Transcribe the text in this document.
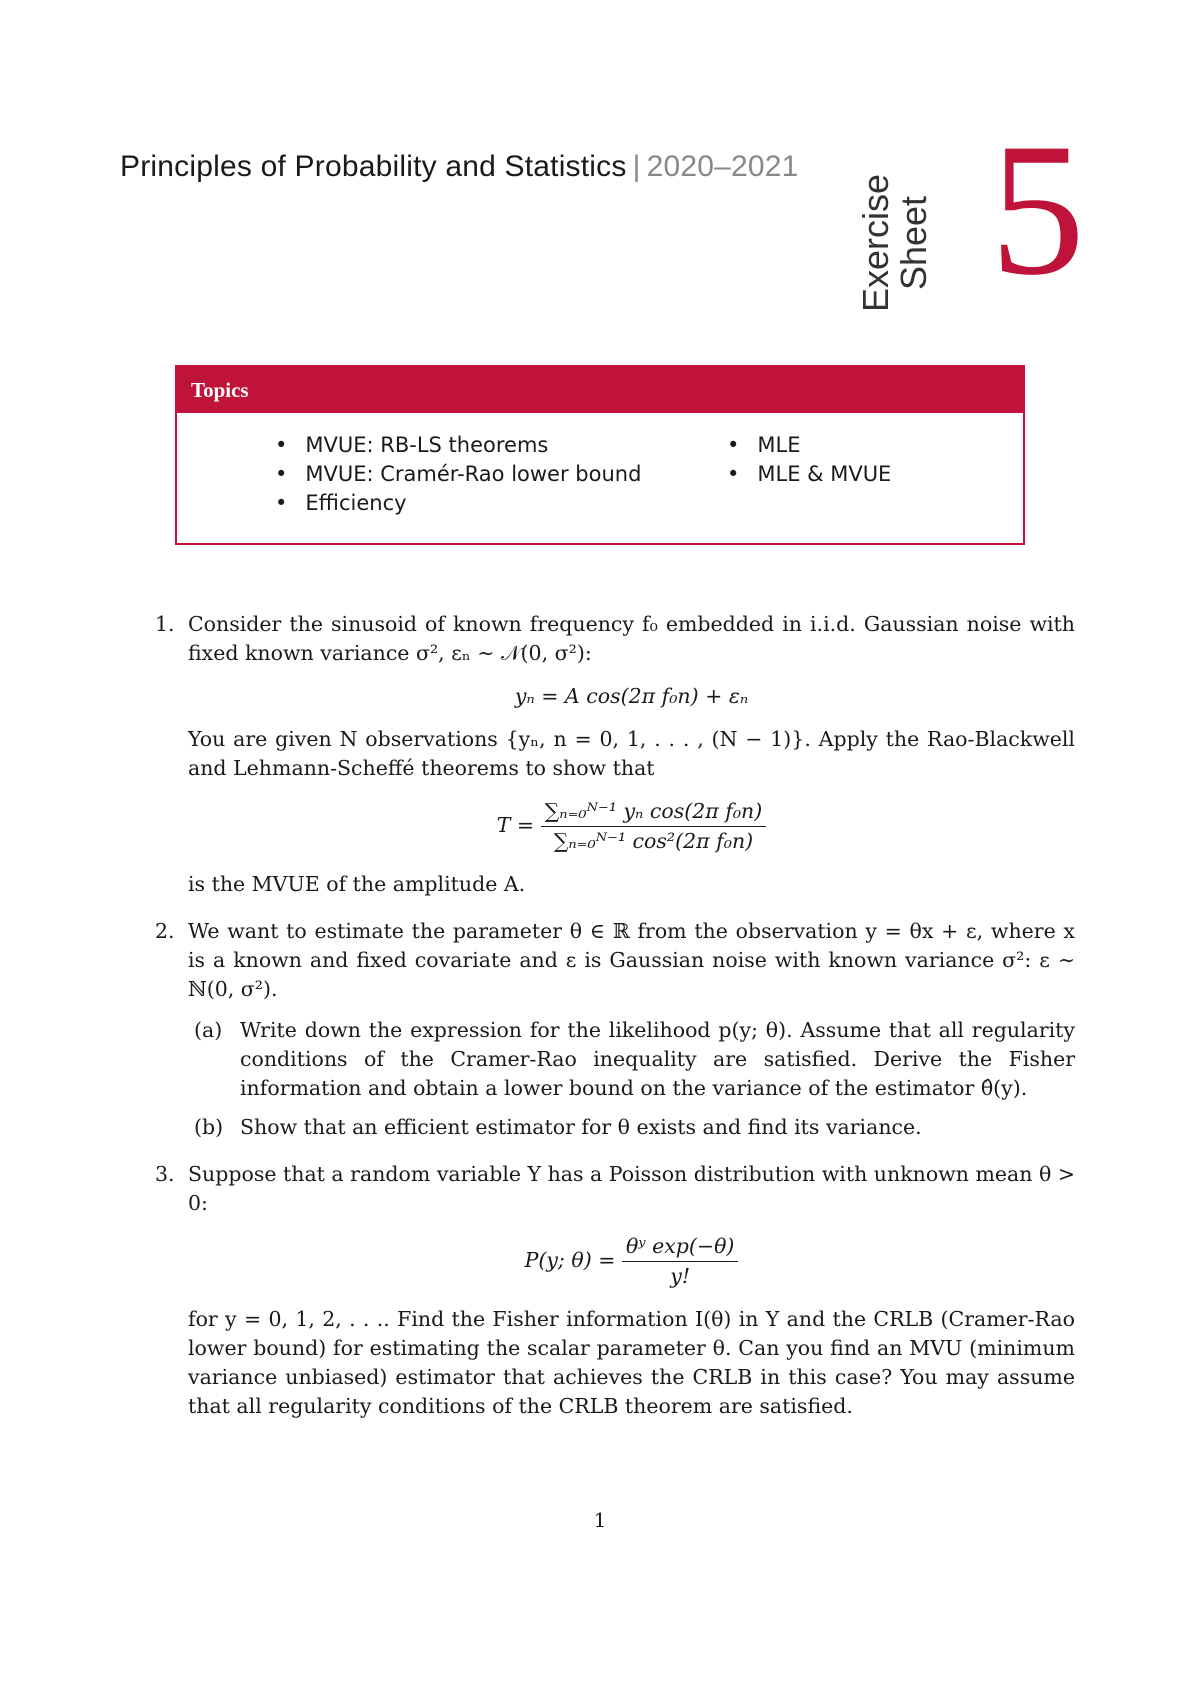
Principles of Probability and Statistics | 2020–2021
Exercise
Sheet 5
Topics
• MVUE: RB-LS theorems
• MVUE: Cramér-Rao lower bound
• Efficiency
• MLE
• MLE & MVUE
1. Consider the sinusoid of known frequency f₀ embedded in i.i.d. Gaussian noise with fixed known variance σ², εₙ ∼ 𝒩(0, σ²):

yₙ = A cos(2π f₀n) + εₙ

You are given N observations {yₙ, n = 0, 1, . . . , (N − 1)}. Apply the Rao-Blackwell and Lehmann-Scheffé theorems to show that

$T = \frac{\text{∑ₙ₌₀ᴺ⁻¹ yₙ cos(2π f₀n)}}{\text{∑ₙ₌₀ᴺ⁻¹ cos²(2π f₀n)}}$

is the MVUE of the amplitude A.

2. We want to estimate the parameter θ ∈ ℝ from the observation y = θx + ε, where x is a known and fixed covariate and ε is Gaussian noise with known variance σ²: ε ∼ ℕ(0, σ²).

(a) Write down the expression for the likelihood p(y; θ). Assume that all regularity conditions of the Cramer-Rao inequality are satisfied. Derive the Fisher information and obtain a lower bound on the variance of the estimator θ̂(y).
(b) Show that an efficient estimator for θ exists and find its variance.
3. Suppose that a random variable Y has a Poisson distribution with unknown mean θ > 0:

P(y; $\theta) = \frac{\text{θʸ exp(−θ)}}{y!}$

for y = 0, 1, 2, . . .. Find the Fisher information I(θ) in Y and the CRLB (Cramer-Rao lower bound) for estimating the scalar parameter θ. Can you find an MVU (minimum variance unbiased) estimator that achieves the CRLB in this case? You may assume that all regularity conditions of the CRLB theorem are satisfied.

1
